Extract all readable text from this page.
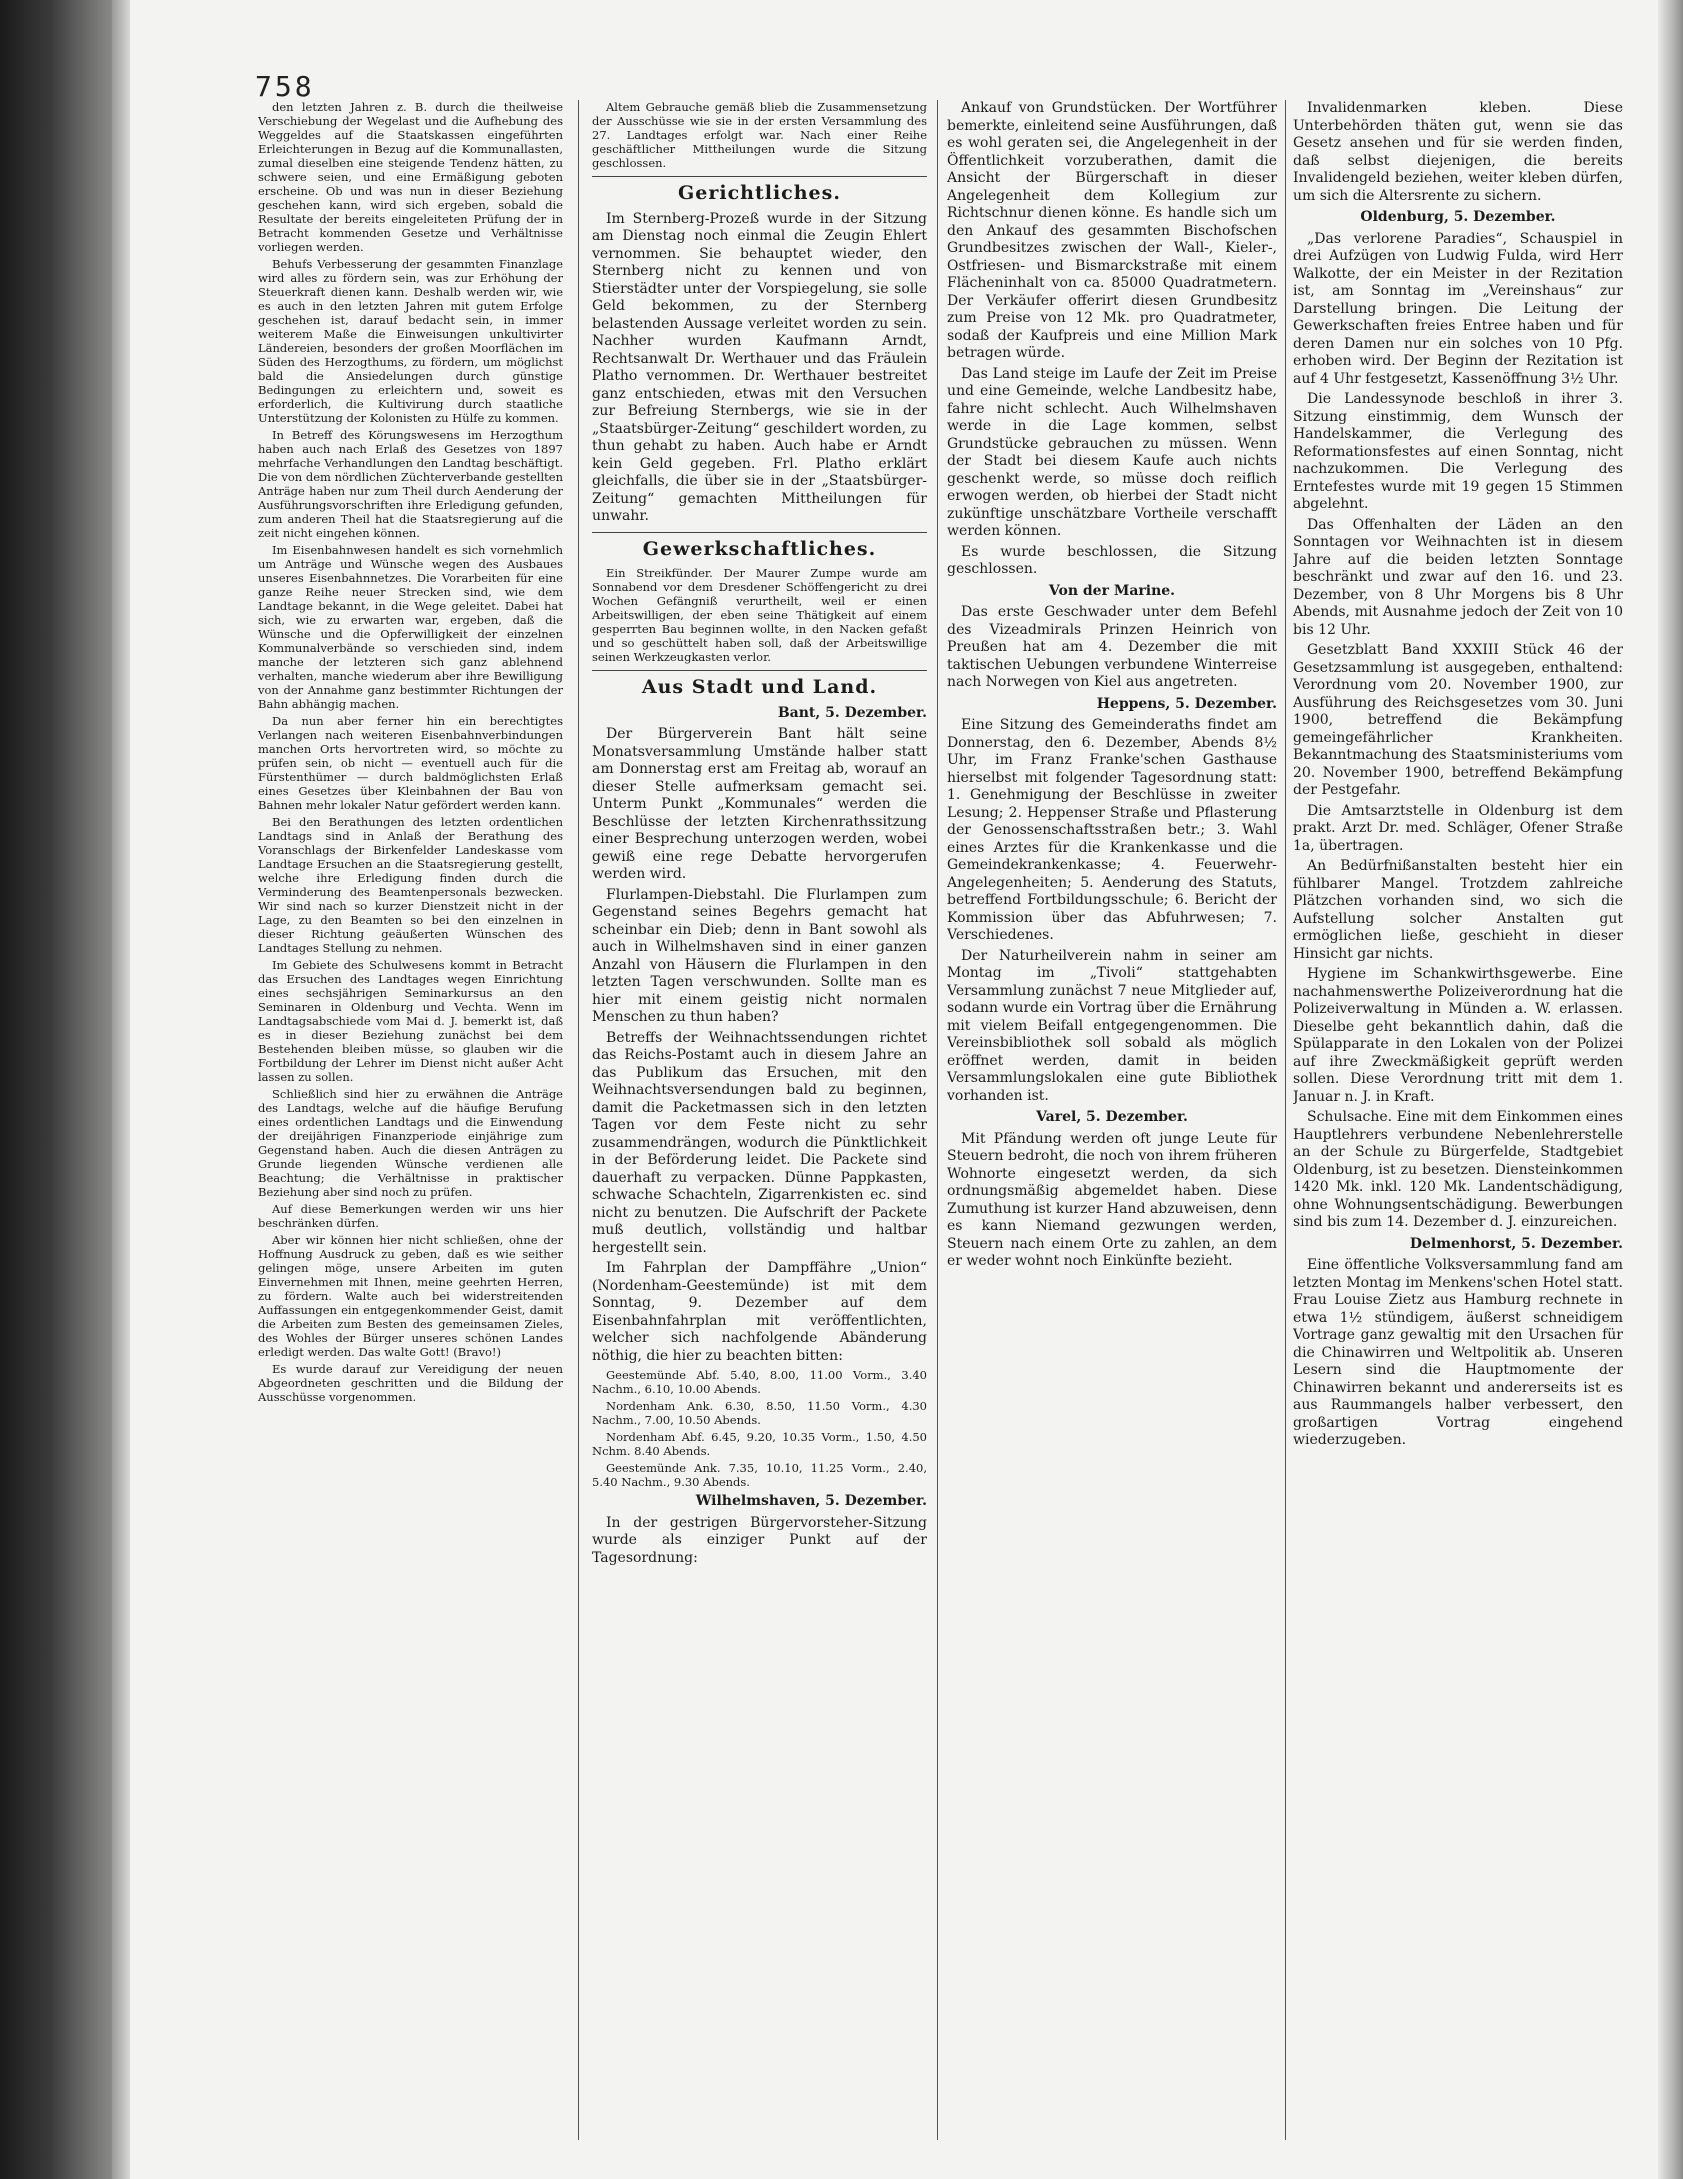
758

den letzten Jahren z. B. durch die theilweise Verschiebung der Wegelast und die Aufhebung des Weggeldes auf die Staatskassen eingeführten Erleichterungen in Bezug auf die Kommunallasten, zumal dieselben eine steigende Tendenz hätten, zu schwere seien, und eine Ermäßigung geboten erscheine. Ob und was nun in dieser Beziehung geschehen kann, wird sich ergeben, sobald die Resultate der bereits eingeleiteten Prüfung der in Betracht kommenden Gesetze und Verhältnisse vorliegen werden.

Behufs Verbesserung der gesammten Finanzlage wird alles zu fördern sein, was zur Erhöhung der Steuerkraft dienen kann. Deshalb werden wir, wie es auch in den letzten Jahren mit gutem Erfolge geschehen ist, darauf bedacht sein, in immer weiterem Maße die Einweisungen unkultivirter Ländereien, besonders der großen Moorflächen im Süden des Herzogthums, zu fördern, um möglichst bald die Ansiedelungen durch günstige Bedingungen zu erleichtern und, soweit es erforderlich, die Kultivirung durch staatliche Unterstützung der Kolonisten zu Hülfe zu kommen.

In Betreff des Körungswesens im Herzogthum haben auch nach Erlaß des Gesetzes von 1897 mehrfache Verhandlungen den Landtag beschäftigt. Die von dem nördlichen Züchterverbande gestellten Anträge haben nur zum Theil durch Aenderung der Ausführungsvorschriften ihre Erledigung gefunden, zum anderen Theil hat die Staatsregierung auf die zeit nicht eingehen können.

Im Eisenbahnwesen handelt es sich vornehmlich um Anträge und Wünsche wegen des Ausbaues unseres Eisenbahnnetzes. Die Vorarbeiten für eine ganze Reihe neuer Strecken sind, wie dem Landtage bekannt, in die Wege geleitet. Dabei hat sich, wie zu erwarten war, ergeben, daß die Wünsche und die Opferwilligkeit der einzelnen Kommunalverbände so verschieden sind, indem manche der letzteren sich ganz ablehnend verhalten, manche wiederum aber ihre Bewilligung von der Annahme ganz bestimmter Richtungen der Bahn abhängig machen.

Da nun aber ferner hin ein berechtigtes Verlangen nach weiteren Eisenbahnverbindungen manchen Orts hervortreten wird, so möchte zu prüfen sein, ob nicht — eventuell auch für die Fürstenthümer — durch baldmöglichsten Erlaß eines Gesetzes über Kleinbahnen der Bau von Bahnen mehr lokaler Natur gefördert werden kann.

Bei den Berathungen des letzten ordentlichen Landtags sind in Anlaß der Berathung des Voranschlags der Birkenfelder Landeskasse vom Landtage Ersuchen an die Staatsregierung gestellt, welche ihre Erledigung finden durch die Verminderung des Beamtenpersonals bezwecken. Wir sind nach so kurzer Dienstzeit nicht in der Lage, zu den Beamten so bei den einzelnen in dieser Richtung geäußerten Wünschen des Landtages Stellung zu nehmen.

Im Gebiete des Schulwesens kommt in Betracht das Ersuchen des Landtages wegen Einrichtung eines sechsjährigen Seminarkursus an den Seminaren in Oldenburg und Vechta. Wenn im Landtagsabschiede vom Mai d. J. bemerkt ist, daß es in dieser Beziehung zunächst bei dem Bestehenden bleiben müsse, so glauben wir die Fortbildung der Lehrer im Dienst nicht außer Acht lassen zu sollen.

Schließlich sind hier zu erwähnen die Anträge des Landtags, welche auf die häufige Berufung eines ordentlichen Landtags und die Einwendung der dreijährigen Finanzperiode einjährige zum Gegenstand haben. Auch die diesen Anträgen zu Grunde liegenden Wünsche verdienen alle Beachtung; die Verhältnisse in praktischer Beziehung aber sind noch zu prüfen.

Auf diese Bemerkungen werden wir uns hier beschränken dürfen.

Aber wir können hier nicht schließen, ohne der Hoffnung Ausdruck zu geben, daß es wie seither gelingen möge, unsere Arbeiten im guten Einvernehmen mit Ihnen, meine geehrten Herren, zu fördern. Walte auch bei widerstreitenden Auffassungen ein entgegenkommender Geist, damit die Arbeiten zum Besten des gemeinsamen Zieles, des Wohles der Bürger unseres schönen Landes erledigt werden. Das walte Gott! (Bravo!)

Es wurde darauf zur Vereidigung der neuen Abgeordneten geschritten und die Bildung der Ausschüsse vorgenommen.

Altem Gebrauche gemäß blieb die Zusammensetzung der Ausschüsse wie sie in der ersten Versammlung des 27. Landtages erfolgt war. Nach einer Reihe geschäftlicher Mittheilungen wurde die Sitzung geschlossen.

Gerichtliches.

Im Sternberg-Prozeß wurde in der Sitzung am Dienstag noch einmal die Zeugin Ehlert vernommen. Sie behauptet wieder, den Sternberg nicht zu kennen und von Stierstädter unter der Vorspiegelung, sie solle Geld bekommen, zu der Sternberg belastenden Aussage verleitet worden zu sein. Nachher wurden Kaufmann Arndt, Rechtsanwalt Dr. Werthauer und das Fräulein Platho vernommen. Dr. Werthauer bestreitet ganz entschieden, etwas mit den Versuchen zur Befreiung Sternbergs, wie sie in der „Staatsbürger-Zeitung“ geschildert worden, zu thun gehabt zu haben. Auch habe er Arndt kein Geld gegeben. Frl. Platho erklärt gleichfalls, die über sie in der „Staatsbürger-Zeitung“ gemachten Mittheilungen für unwahr.

Gewerkschaftliches.

Ein Streikfünder. Der Maurer Zumpe wurde am Sonnabend vor dem Dresdener Schöffengericht zu drei Wochen Gefängniß verurtheilt, weil er einen Arbeitswilligen, der eben seine Thätigkeit auf einem gesperrten Bau beginnen wollte, in den Nacken gefaßt und so geschüttelt haben soll, daß der Arbeitswillige seinen Werkzeugkasten verlor.

Aus Stadt und Land.
Bant, 5. Dezember.

Der Bürgerverein Bant hält seine Monatsversammlung Umstände halber statt am Donnerstag erst am Freitag ab, worauf an dieser Stelle aufmerksam gemacht sei. Unterm Punkt „Kommunales“ werden die Beschlüsse der letzten Kirchenrathssitzung einer Besprechung unterzogen werden, wobei gewiß eine rege Debatte hervorgerufen werden wird.

Flurlampen-Diebstahl. Die Flurlampen zum Gegenstand seines Begehrs gemacht hat scheinbar ein Dieb; denn in Bant sowohl als auch in Wilhelmshaven sind in einer ganzen Anzahl von Häusern die Flurlampen in den letzten Tagen verschwunden. Sollte man es hier mit einem geistig nicht normalen Menschen zu thun haben?

Betreffs der Weihnachtssendungen richtet das Reichs-Postamt auch in diesem Jahre an das Publikum das Ersuchen, mit den Weihnachtsversendungen bald zu beginnen, damit die Packetmassen sich in den letzten Tagen vor dem Feste nicht zu sehr zusammendrängen, wodurch die Pünktlichkeit in der Beförderung leidet. Die Packete sind dauerhaft zu verpacken. Dünne Pappkasten, schwache Schachteln, Zigarrenkisten ec. sind nicht zu benutzen. Die Aufschrift der Packete muß deutlich, vollständig und haltbar hergestellt sein.

Im Fahrplan der Dampffähre „Union“ (Nordenham-Geestemünde) ist mit dem Sonntag, 9. Dezember auf dem Eisenbahnfahrplan mit veröffentlichten, welcher sich nachfolgende Abänderung nöthig, die hier zu beachten bitten:

Geestemünde Abf. 5.40, 8.00, 11.00 Vorm., 3.40 Nachm., 6.10, 10.00 Abends.

Nordenham Ank. 6.30, 8.50, 11.50 Vorm., 4.30 Nachm., 7.00, 10.50 Abends.

Nordenham Abf. 6.45, 9.20, 10.35 Vorm., 1.50, 4.50 Nchm. 8.40 Abends.

Geestemünde Ank. 7.35, 10.10, 11.25 Vorm., 2.40, 5.40 Nachm., 9.30 Abends.

Wilhelmshaven, 5. Dezember.

In der gestrigen Bürgervorsteher-Sitzung wurde als einziger Punkt auf der Tagesordnung:

Ankauf von Grundstücken. Der Wortführer bemerkte, einleitend seine Ausführungen, daß es wohl geraten sei, die Angelegenheit in der Öffentlichkeit vorzuberathen, damit die Ansicht der Bürgerschaft in dieser Angelegenheit dem Kollegium zur Richtschnur dienen könne. Es handle sich um den Ankauf des gesammten Bischofschen Grundbesitzes zwischen der Wall-, Kieler-, Ostfriesen- und Bismarckstraße mit einem Flächeninhalt von ca. 85000 Quadratmetern. Der Verkäufer offerirt diesen Grundbesitz zum Preise von 12 Mk. pro Quadratmeter, sodaß der Kaufpreis und eine Million Mark betragen würde.

Das Land steige im Laufe der Zeit im Preise und eine Gemeinde, welche Landbesitz habe, fahre nicht schlecht. Auch Wilhelmshaven werde in die Lage kommen, selbst Grundstücke gebrauchen zu müssen. Wenn der Stadt bei diesem Kaufe auch nichts geschenkt werde, so müsse doch reiflich erwogen werden, ob hierbei der Stadt nicht zukünftige unschätzbare Vortheile verschafft werden können.

Es wurde beschlossen, die Sitzung geschlossen.

Von der Marine.

Das erste Geschwader unter dem Befehl des Vizeadmirals Prinzen Heinrich von Preußen hat am 4. Dezember die mit taktischen Uebungen verbundene Winterreise nach Norwegen von Kiel aus angetreten.

Heppens, 5. Dezember.

Eine Sitzung des Gemeinderaths findet am Donnerstag, den 6. Dezember, Abends 8½ Uhr, im Franz Franke'schen Gasthause hierselbst mit folgender Tagesordnung statt: 1. Genehmigung der Beschlüsse in zweiter Lesung; 2. Heppenser Straße und Pflasterung der Genossenschaftsstraßen betr.; 3. Wahl eines Arztes für die Krankenkasse und die Gemeindekrankenkasse; 4. Feuerwehr-Angelegenheiten; 5. Aenderung des Statuts, betreffend Fortbildungsschule; 6. Bericht der Kommission über das Abfuhrwesen; 7. Verschiedenes.

Der Naturheilverein nahm in seiner am Montag im „Tivoli“ stattgehabten Versammlung zunächst 7 neue Mitglieder auf, sodann wurde ein Vortrag über die Ernährung mit vielem Beifall entgegengenommen. Die Vereinsbibliothek soll sobald als möglich eröffnet werden, damit in beiden Versammlungslokalen eine gute Bibliothek vorhanden ist.

Varel, 5. Dezember.

Mit Pfändung werden oft junge Leute für Steuern bedroht, die noch von ihrem früheren Wohnorte eingesetzt werden, da sich ordnungsmäßig abgemeldet haben. Diese Zumuthung ist kurzer Hand abzuweisen, denn es kann Niemand gezwungen werden, Steuern nach einem Orte zu zahlen, an dem er weder wohnt noch Einkünfte bezieht.

Invalidenmarken kleben. Diese Unterbehörden thäten gut, wenn sie das Gesetz ansehen und für sie werden finden, daß selbst diejenigen, die bereits Invalidengeld beziehen, weiter kleben dürfen, um sich die Altersrente zu sichern.

Oldenburg, 5. Dezember.

„Das verlorene Paradies“, Schauspiel in drei Aufzügen von Ludwig Fulda, wird Herr Walkotte, der ein Meister in der Rezitation ist, am Sonntag im „Vereinshaus“ zur Darstellung bringen. Die Leitung der Gewerkschaften freies Entree haben und für deren Damen nur ein solches von 10 Pfg. erhoben wird. Der Beginn der Rezitation ist auf 4 Uhr festgesetzt, Kassenöffnung 3½ Uhr.

Die Landessynode beschloß in ihrer 3. Sitzung einstimmig, dem Wunsch der Handelskammer, die Verlegung des Reformationsfestes auf einen Sonntag, nicht nachzukommen. Die Verlegung des Erntefestes wurde mit 19 gegen 15 Stimmen abgelehnt.

Das Offenhalten der Läden an den Sonntagen vor Weihnachten ist in diesem Jahre auf die beiden letzten Sonntage beschränkt und zwar auf den 16. und 23. Dezember, von 8 Uhr Morgens bis 8 Uhr Abends, mit Ausnahme jedoch der Zeit von 10 bis 12 Uhr.

Gesetzblatt Band XXXIII Stück 46 der Gesetzsammlung ist ausgegeben, enthaltend: Verordnung vom 20. November 1900, zur Ausführung des Reichsgesetzes vom 30. Juni 1900, betreffend die Bekämpfung gemeingefährlicher Krankheiten. Bekanntmachung des Staatsministeriums vom 20. November 1900, betreffend Bekämpfung der Pestgefahr.

Die Amtsarztstelle in Oldenburg ist dem prakt. Arzt Dr. med. Schläger, Ofener Straße 1a, übertragen.

An Bedürfnißanstalten besteht hier ein fühlbarer Mangel. Trotzdem zahlreiche Plätzchen vorhanden sind, wo sich die Aufstellung solcher Anstalten gut ermöglichen ließe, geschieht in dieser Hinsicht gar nichts.

Hygiene im Schankwirthsgewerbe. Eine nachahmenswerthe Polizeiverordnung hat die Polizeiverwaltung in Münden a. W. erlassen. Dieselbe geht bekanntlich dahin, daß die Spülapparate in den Lokalen von der Polizei auf ihre Zweckmäßigkeit geprüft werden sollen. Diese Verordnung tritt mit dem 1. Januar n. J. in Kraft.

Schulsache. Eine mit dem Einkommen eines Hauptlehrers verbundene Nebenlehrerstelle an der Schule zu Bürgerfelde, Stadtgebiet Oldenburg, ist zu besetzen. Diensteinkommen 1420 Mk. inkl. 120 Mk. Landentschädigung, ohne Wohnungsentschädigung. Bewerbungen sind bis zum 14. Dezember d. J. einzureichen.

Delmenhorst, 5. Dezember.

Eine öffentliche Volksversammlung fand am letzten Montag im Menkens'schen Hotel statt. Frau Louise Zietz aus Hamburg rechnete in etwa 1½ stündigem, äußerst schneidigem Vortrage ganz gewaltig mit den Ursachen für die Chinawirren und Weltpolitik ab. Unseren Lesern sind die Hauptmomente der Chinawirren bekannt und andererseits ist es aus Raummangels halber verbessert, den großartigen Vortrag eingehend wiederzugeben.
